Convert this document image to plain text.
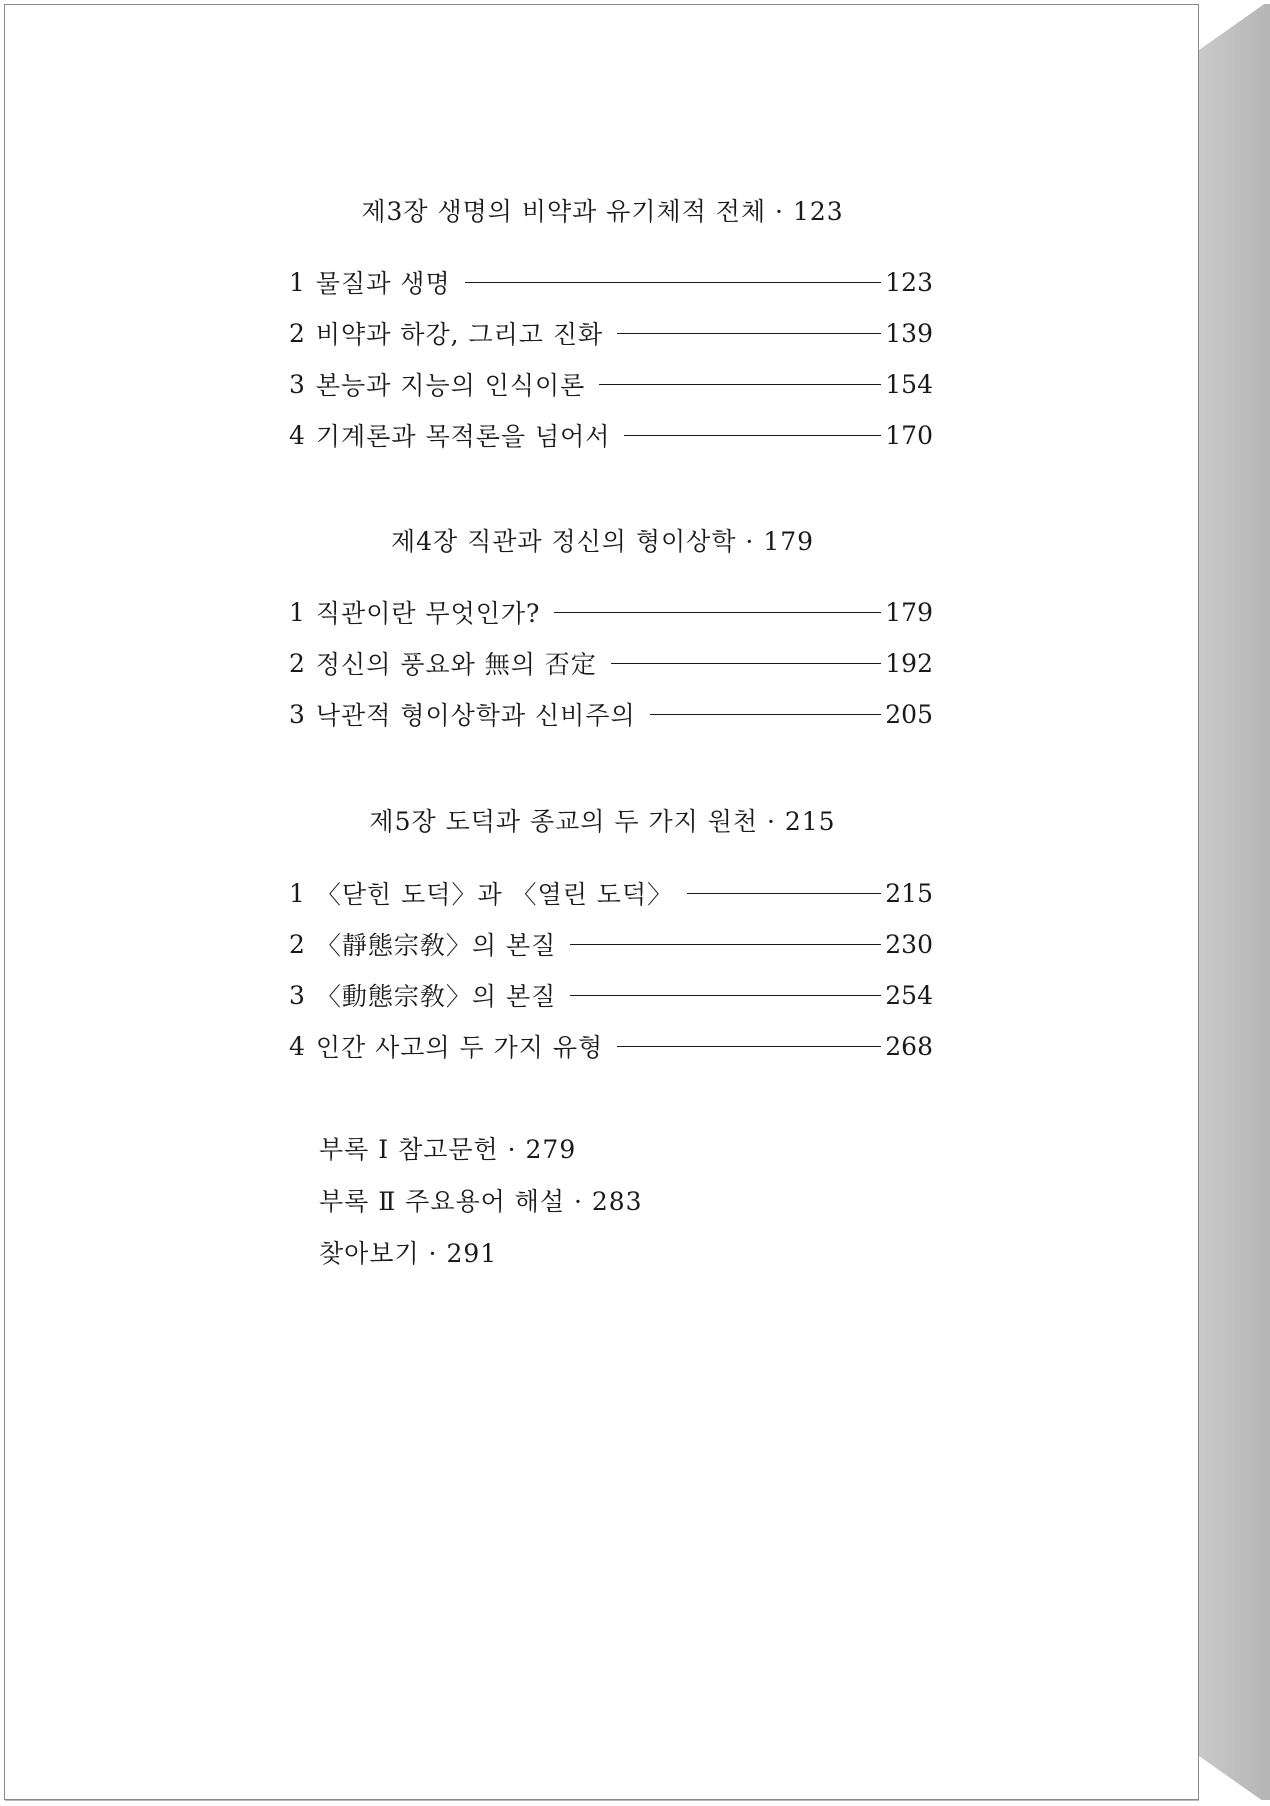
제3장 생명의 비약과 유기체적 전체 · 123
1 물질과 생명	123
2 비약과 하강, 그리고 진화	139
3 본능과 지능의 인식이론	154
4 기계론과 목적론을 넘어서	170
제4장 직관과 정신의 형이상학 · 179
1 직관이란 무엇인가?	179
2 정신의 풍요와 無의 否定	192
3 낙관적 형이상학과 신비주의	205
제5장 도덕과 종교의 두 가지 원천 · 215
1 〈닫힌 도덕〉과 〈열린 도덕〉	215
2 〈靜態宗敎〉의 본질	230
3 〈動態宗敎〉의 본질	254
4 인간 사고의 두 가지 유형	268
부록 Ⅰ 참고문헌 · 279
부록 Ⅱ 주요용어 해설 · 283
찾아보기 · 291
